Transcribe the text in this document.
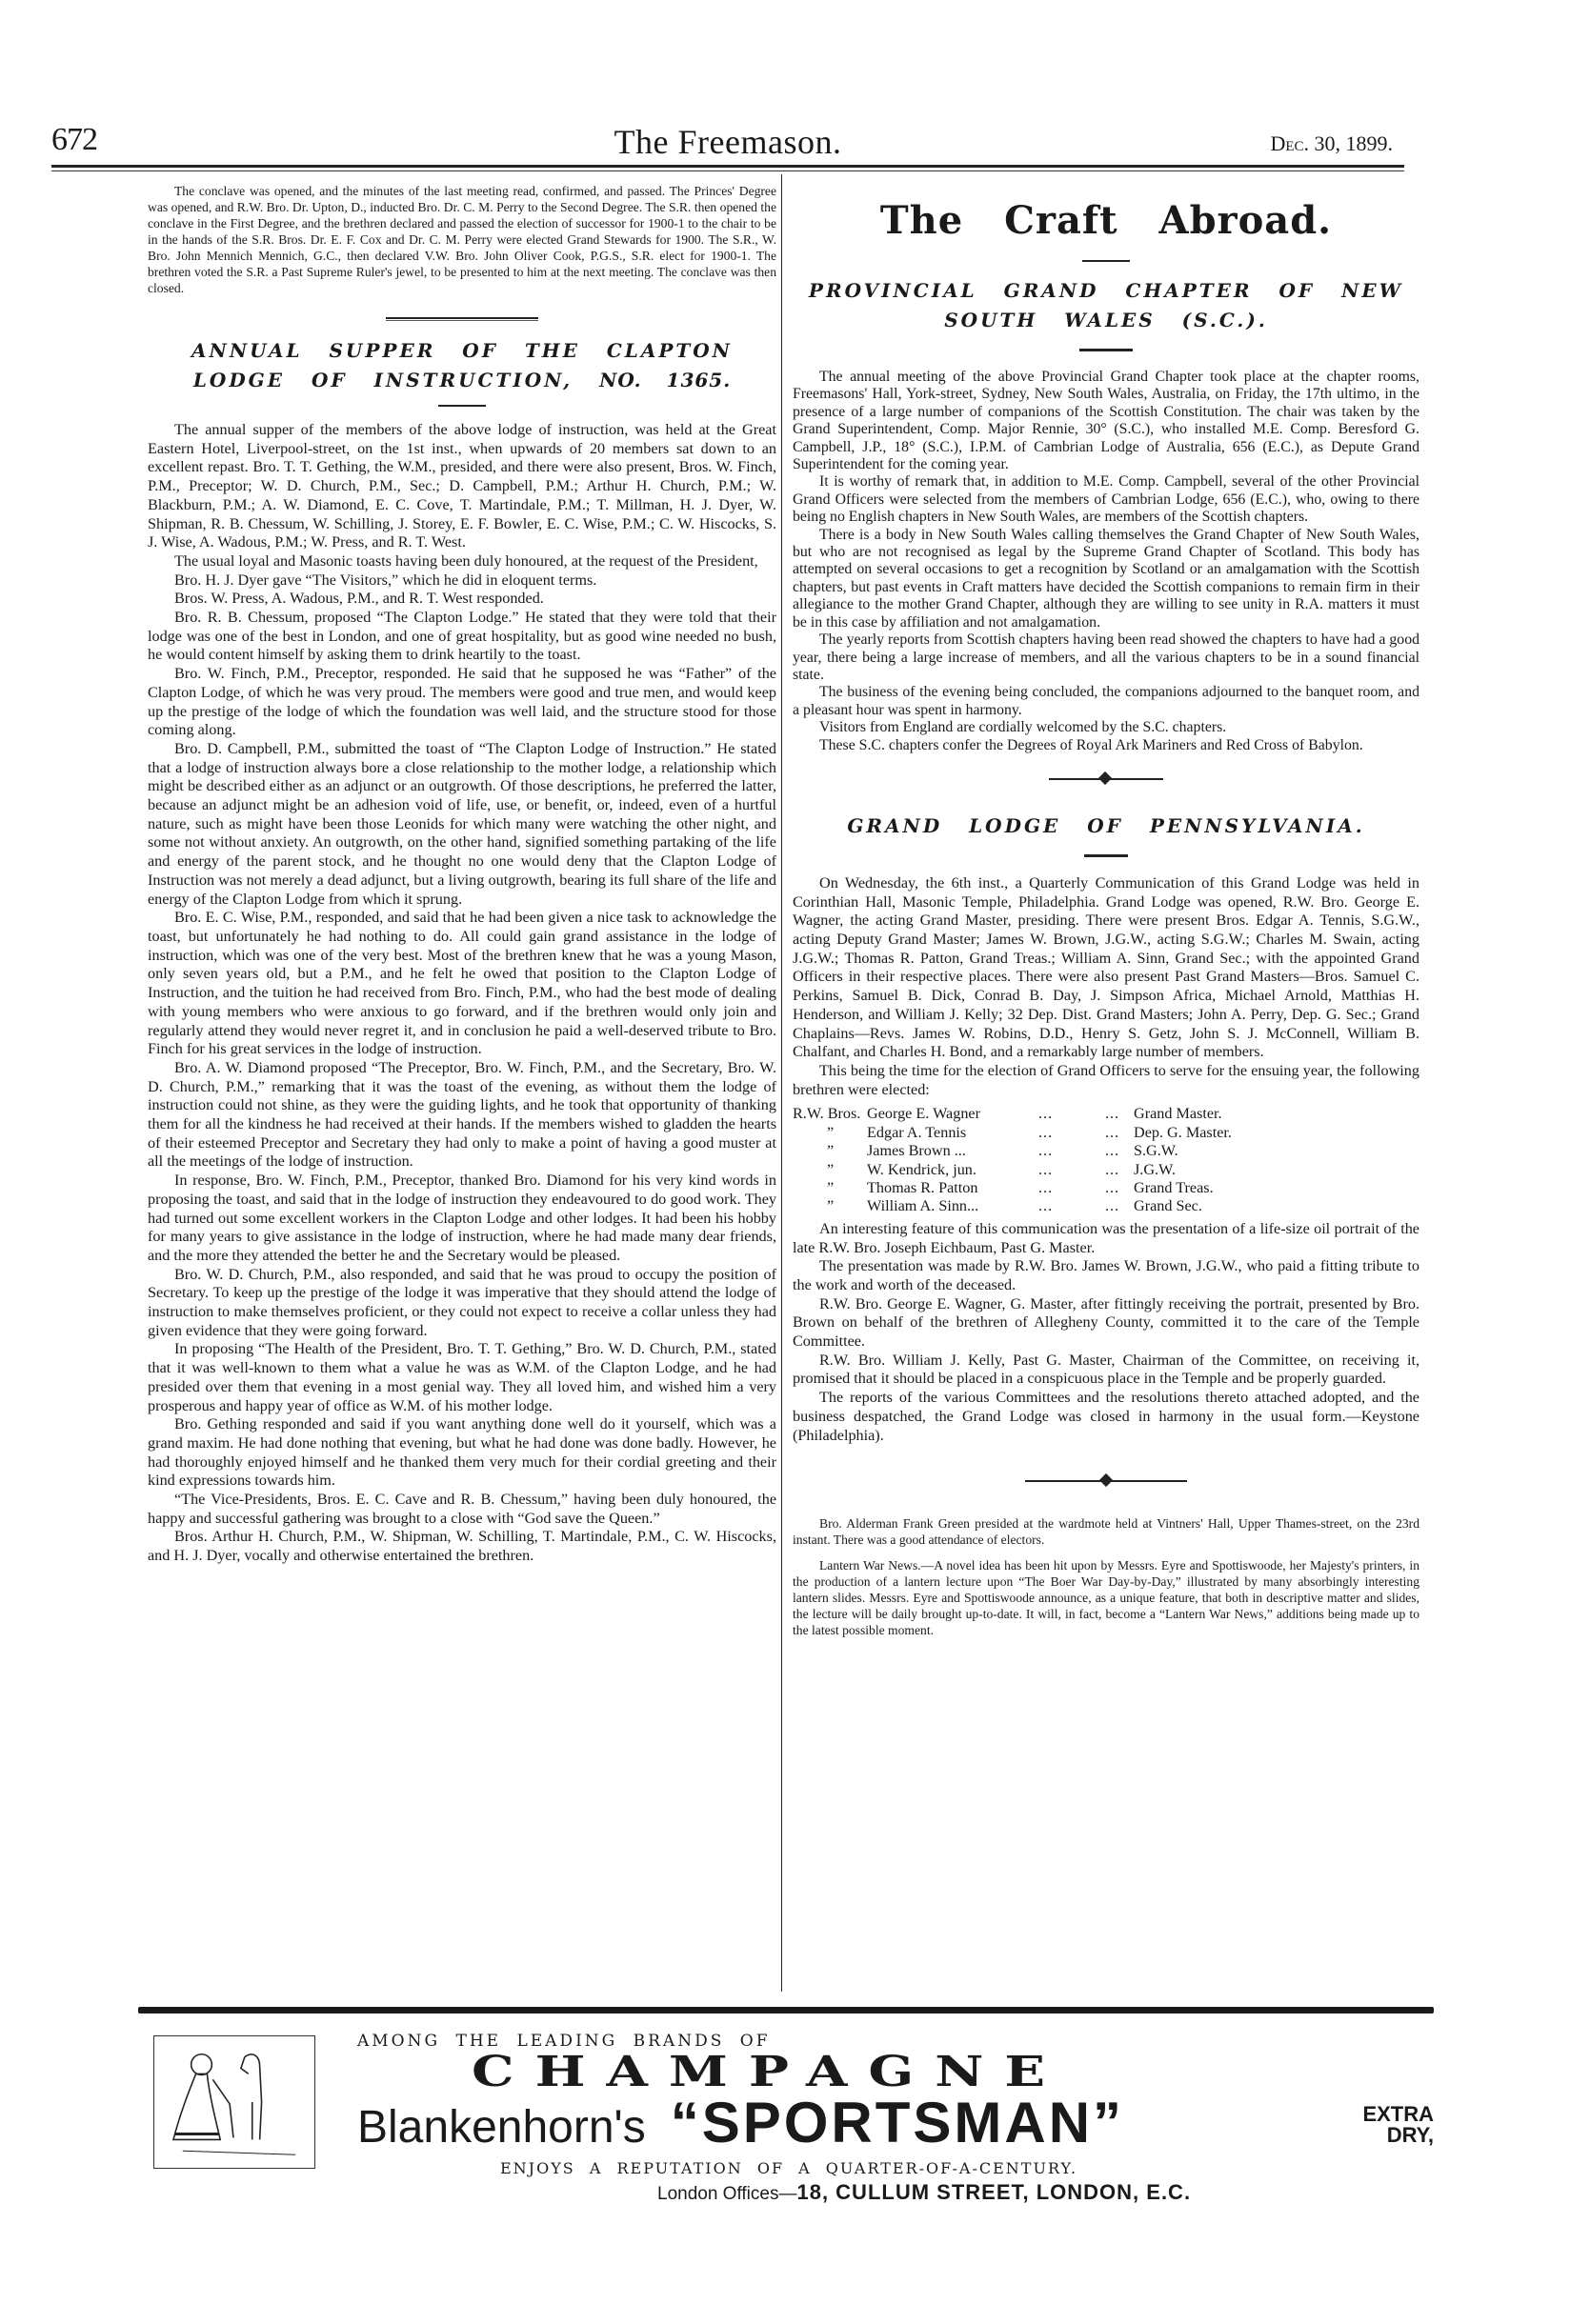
672	The Freemason.	Dec. 30, 1899.

The conclave was opened, and the minutes of the last meeting read, confirmed, and passed. The Princes' Degree was opened, and R.W. Bro. Dr. Upton, D., inducted Bro. Dr. C. M. Perry to the Second Degree. The S.R. then opened the conclave in the First Degree, and the brethren declared and passed the election of successor for 1900-1 to the chair to be in the hands of the S.R. Bros. Dr. E. F. Cox and Dr. C. M. Perry were elected Grand Stewards for 1900. The S.R., W. Bro. John Mennich Mennich, G.C., then declared V.W. Bro. John Oliver Cook, P.G.S., S.R. elect for 1900-1. The brethren voted the S.R. a Past Supreme Ruler's jewel, to be presented to him at the next meeting. The conclave was then closed.

ANNUAL SUPPER OF THE CLAPTON LODGE OF INSTRUCTION, NO. 1365.

The annual supper of the members of the above lodge of instruction, was held at the Great Eastern Hotel, Liverpool-street, on the 1st inst., when upwards of 20 members sat down to an excellent repast. Bro. T. T. Gething, the W.M., presided, and there were also present, Bros. W. Finch, P.M., Preceptor; W. D. Church, P.M., Sec.; D. Campbell, P.M.; Arthur H. Church, P.M.; W. Blackburn, P.M.; A. W. Diamond, E. C. Cove, T. Martindale, P.M.; T. Millman, H. J. Dyer, W. Shipman, R. B. Chessum, W. Schilling, J. Storey, E. F. Bowler, E. C. Wise, P.M.; C. W. Hiscocks, S. J. Wise, A. Wadous, P.M.; W. Press, and R. T. West.

The usual loyal and Masonic toasts having been duly honoured, at the request of the President,

Bro. H. J. Dyer gave “The Visitors,” which he did in eloquent terms.

Bros. W. Press, A. Wadous, P.M., and R. T. West responded.

Bro. R. B. Chessum, proposed “The Clapton Lodge.” He stated that they were told that their lodge was one of the best in London, and one of great hospitality, but as good wine needed no bush, he would content himself by asking them to drink heartily to the toast.

Bro. W. Finch, P.M., Preceptor, responded. He said that he supposed he was “Father” of the Clapton Lodge, of which he was very proud. The members were good and true men, and would keep up the prestige of the lodge of which the foundation was well laid, and the structure stood for those coming along.

Bro. D. Campbell, P.M., submitted the toast of “The Clapton Lodge of Instruction.” He stated that a lodge of instruction always bore a close relationship to the mother lodge, a relationship which might be described either as an adjunct or an outgrowth. Of those descriptions, he preferred the latter, because an adjunct might be an adhesion void of life, use, or benefit, or, indeed, even of a hurtful nature, such as might have been those Leonids for which many were watching the other night, and some not without anxiety. An outgrowth, on the other hand, signified something partaking of the life and energy of the parent stock, and he thought no one would deny that the Clapton Lodge of Instruction was not merely a dead adjunct, but a living outgrowth, bearing its full share of the life and energy of the Clapton Lodge from which it sprung.

Bro. E. C. Wise, P.M., responded, and said that he had been given a nice task to acknowledge the toast, but unfortunately he had nothing to do. All could gain grand assistance in the lodge of instruction, which was one of the very best. Most of the brethren knew that he was a young Mason, only seven years old, but a P.M., and he felt he owed that position to the Clapton Lodge of Instruction, and the tuition he had received from Bro. Finch, P.M., who had the best mode of dealing with young members who were anxious to go forward, and if the brethren would only join and regularly attend they would never regret it, and in conclusion he paid a well-deserved tribute to Bro. Finch for his great services in the lodge of instruction.

Bro. A. W. Diamond proposed “The Preceptor, Bro. W. Finch, P.M., and the Secretary, Bro. W. D. Church, P.M.,” remarking that it was the toast of the evening, as without them the lodge of instruction could not shine, as they were the guiding lights, and he took that opportunity of thanking them for all the kindness he had received at their hands. If the members wished to gladden the hearts of their esteemed Preceptor and Secretary they had only to make a point of having a good muster at all the meetings of the lodge of instruction.

In response, Bro. W. Finch, P.M., Preceptor, thanked Bro. Diamond for his very kind words in proposing the toast, and said that in the lodge of instruction they endeavoured to do good work. They had turned out some excellent workers in the Clapton Lodge and other lodges. It had been his hobby for many years to give assistance in the lodge of instruction, where he had made many dear friends, and the more they attended the better he and the Secretary would be pleased.

Bro. W. D. Church, P.M., also responded, and said that he was proud to occupy the position of Secretary. To keep up the prestige of the lodge it was imperative that they should attend the lodge of instruction to make themselves proficient, or they could not expect to receive a collar unless they had given evidence that they were going forward.

In proposing “The Health of the President, Bro. T. T. Gething,” Bro. W. D. Church, P.M., stated that it was well-known to them what a value he was as W.M. of the Clapton Lodge, and he had presided over them that evening in a most genial way. They all loved him, and wished him a very prosperous and happy year of office as W.M. of his mother lodge.

Bro. Gething responded and said if you want anything done well do it yourself, which was a grand maxim. He had done nothing that evening, but what he had done was done badly. However, he had thoroughly enjoyed himself and he thanked them very much for their cordial greeting and their kind expressions towards him.

“The Vice-Presidents, Bros. E. C. Cave and R. B. Chessum,” having been duly honoured, the happy and successful gathering was brought to a close with “God save the Queen.”

Bros. Arthur H. Church, P.M., W. Shipman, W. Schilling, T. Martindale, P.M., C. W. Hiscocks, and H. J. Dyer, vocally and otherwise entertained the brethren.

The Craft Abroad.
PROVINCIAL GRAND CHAPTER OF NEW SOUTH WALES (S.C.).

The annual meeting of the above Provincial Grand Chapter took place at the chapter rooms, Freemasons' Hall, York-street, Sydney, New South Wales, Australia, on Friday, the 17th ultimo, in the presence of a large number of companions of the Scottish Constitution. The chair was taken by the Grand Superintendent, Comp. Major Rennie, 30° (S.C.), who installed M.E. Comp. Beresford G. Campbell, J.P., 18° (S.C.), I.P.M. of Cambrian Lodge of Australia, 656 (E.C.), as Depute Grand Superintendent for the coming year.

It is worthy of remark that, in addition to M.E. Comp. Campbell, several of the other Provincial Grand Officers were selected from the members of Cambrian Lodge, 656 (E.C.), who, owing to there being no English chapters in New South Wales, are members of the Scottish chapters.

There is a body in New South Wales calling themselves the Grand Chapter of New South Wales, but who are not recognised as legal by the Supreme Grand Chapter of Scotland. This body has attempted on several occasions to get a recognition by Scotland or an amalgamation with the Scottish chapters, but past events in Craft matters have decided the Scottish companions to remain firm in their allegiance to the mother Grand Chapter, although they are willing to see unity in R.A. matters it must be in this case by affiliation and not amalgamation.

The yearly reports from Scottish chapters having been read showed the chapters to have had a good year, there being a large increase of members, and all the various chapters to be in a sound financial state.

The business of the evening being concluded, the companions adjourned to the banquet room, and a pleasant hour was spent in harmony.

Visitors from England are cordially welcomed by the S.C. chapters.

These S.C. chapters confer the Degrees of Royal Ark Mariners and Red Cross of Babylon.

GRAND LODGE OF PENNSYLVANIA.

On Wednesday, the 6th inst., a Quarterly Communication of this Grand Lodge was held in Corinthian Hall, Masonic Temple, Philadelphia. Grand Lodge was opened, R.W. Bro. George E. Wagner, the acting Grand Master, presiding. There were present Bros. Edgar A. Tennis, S.G.W., acting Deputy Grand Master; James W. Brown, J.G.W., acting S.G.W.; Charles M. Swain, acting J.G.W.; Thomas R. Patton, Grand Treas.; William A. Sinn, Grand Sec.; with the appointed Grand Officers in their respective places. There were also present Past Grand Masters—Bros. Samuel C. Perkins, Samuel B. Dick, Conrad B. Day, J. Simpson Africa, Michael Arnold, Matthias H. Henderson, and William J. Kelly; 32 Dep. Dist. Grand Masters; John A. Perry, Dep. G. Sec.; Grand Chaplains—Revs. James W. Robins, D.D., Henry S. Getz, John S. J. McConnell, William B. Chalfant, and Charles H. Bond, and a remarkably large number of members.

This being the time for the election of Grand Officers to serve for the ensuing year, the following brethren were elected:

R.W. Bros. George E. Wagner	...	... Grand Master.
”	Edgar A. Tennis	...	... Dep. G. Master.
”	James Brown ...	...	... S.G.W.
”	W. Kendrick, jun.	...	... J.G.W.
”	Thomas R. Patton	...	... Grand Treas.
”	William A. Sinn...	...	... Grand Sec.

An interesting feature of this communication was the presentation of a life-size oil portrait of the late R.W. Bro. Joseph Eichbaum, Past G. Master.

The presentation was made by R.W. Bro. James W. Brown, J.G.W., who paid a fitting tribute to the work and worth of the deceased.

R.W. Bro. George E. Wagner, G. Master, after fittingly receiving the portrait, presented by Bro. Brown on behalf of the brethren of Allegheny County, committed it to the care of the Temple Committee.

R.W. Bro. William J. Kelly, Past G. Master, Chairman of the Committee, on receiving it, promised that it should be placed in a conspicuous place in the Temple and be properly guarded.

The reports of the various Committees and the resolutions thereto attached adopted, and the business despatched, the Grand Lodge was closed in harmony in the usual form.—Keystone (Philadelphia).

Bro. Alderman Frank Green presided at the wardmote held at Vintners' Hall, Upper Thames-street, on the 23rd instant. There was a good attendance of electors.

Lantern War News.—A novel idea has been hit upon by Messrs. Eyre and Spottiswoode, her Majesty's printers, in the production of a lantern lecture upon “The Boer War Day-by-Day,” illustrated by many absorbingly interesting lantern slides. Messrs. Eyre and Spottiswoode announce, as a unique feature, that both in descriptive matter and slides, the lecture will be daily brought up-to-date. It will, in fact, become a “Lantern War News,” additions being made up to the latest possible moment.

AMONG THE LEADING BRANDS OF
CHAMPAGNE
Blankenhorn's “SPORTSMAN”	EXTRA
DRY,
ENJOYS A REPUTATION OF A QUARTER-OF-A-CENTURY.
London Offices—18, CULLUM STREET, LONDON, E.C.
